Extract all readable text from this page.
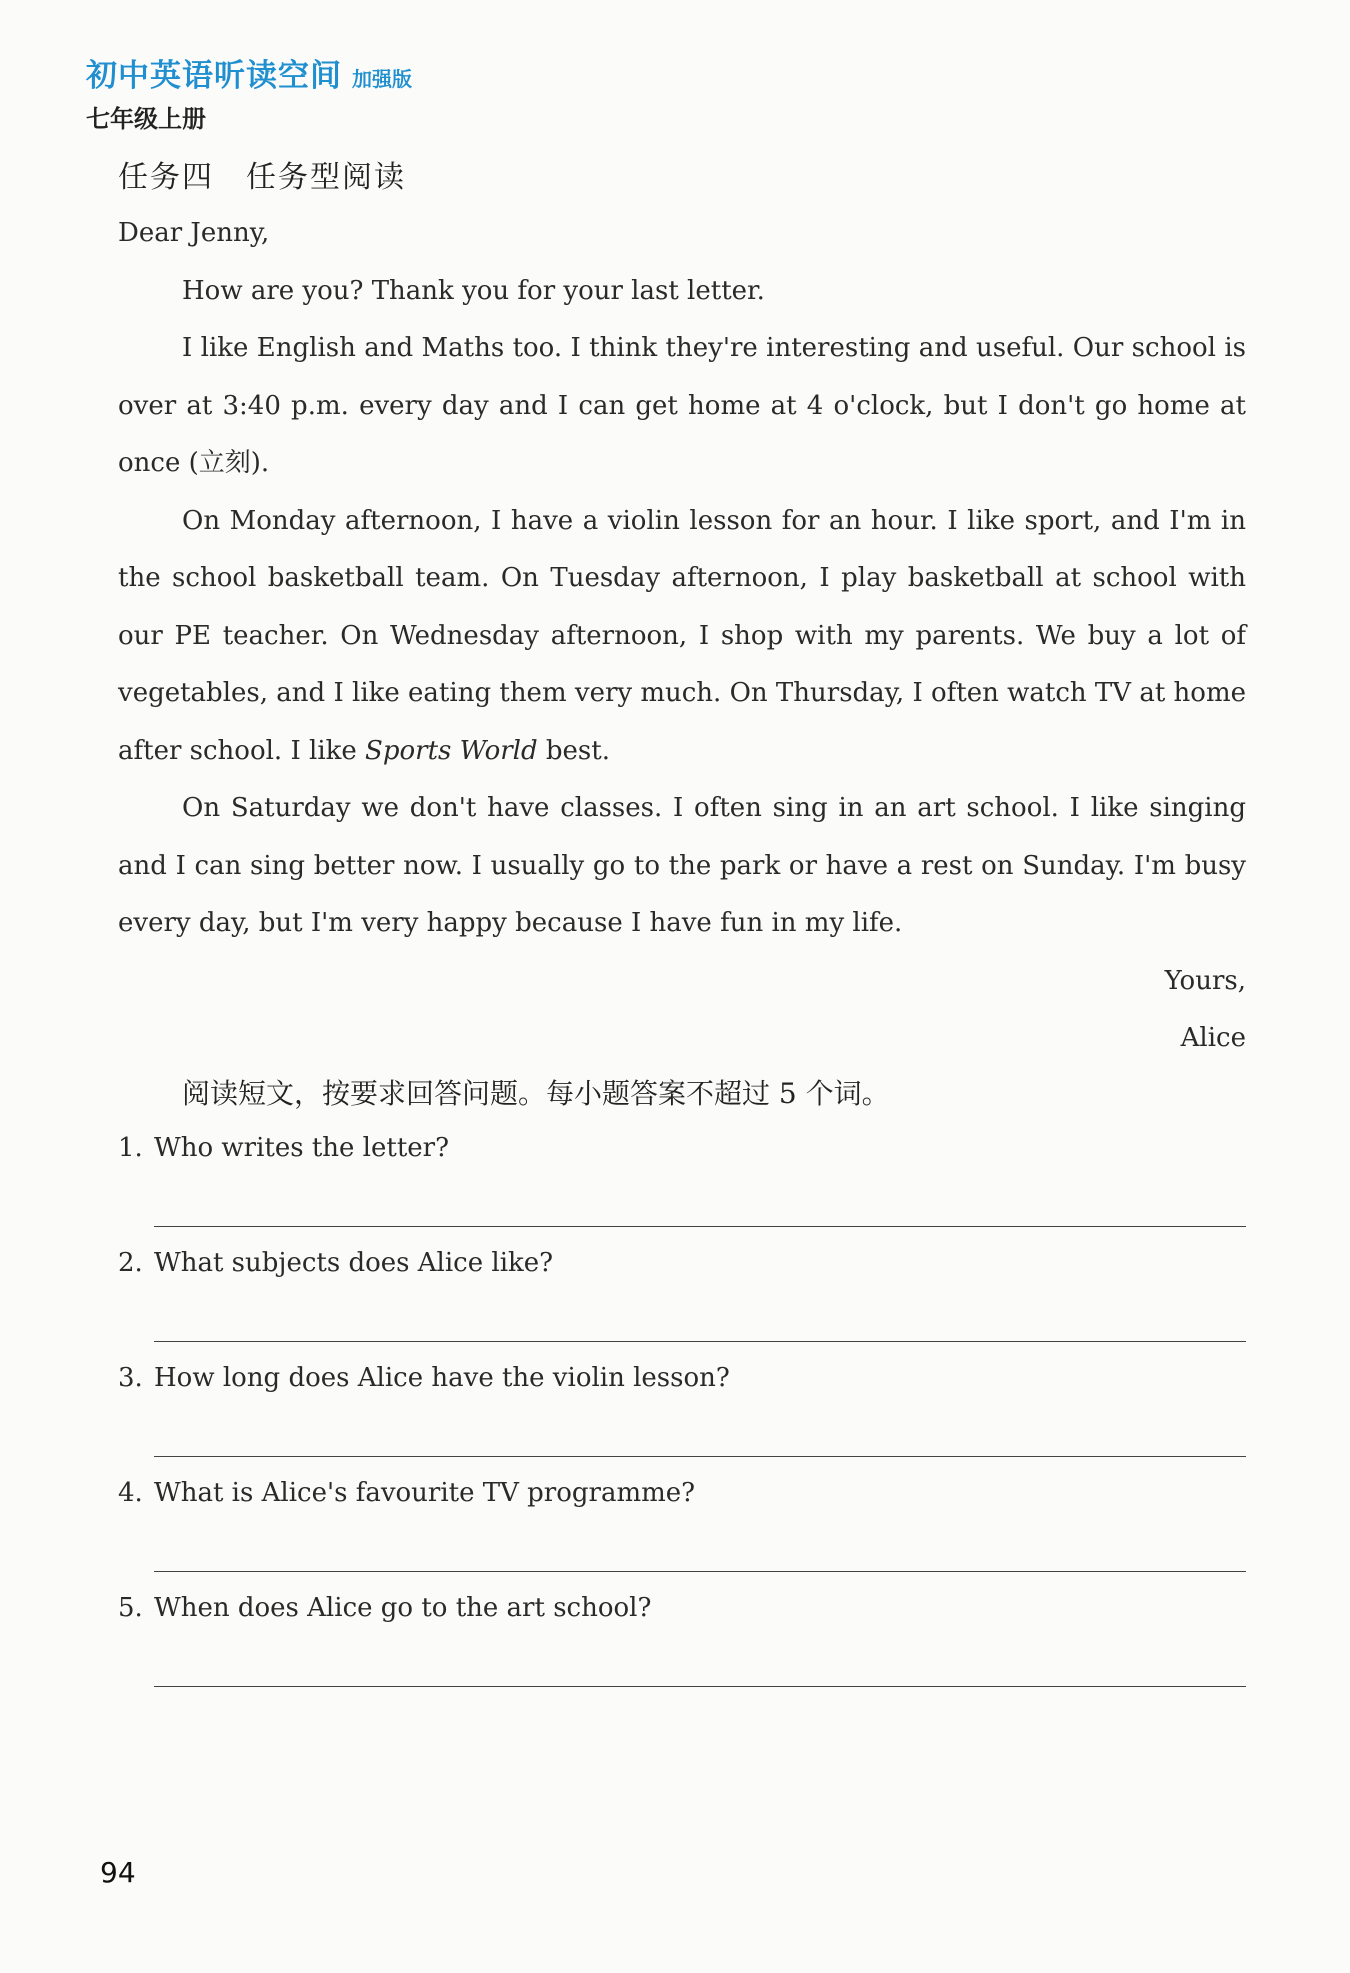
初中英语听读空间 加强版
七年级上册
任务四　任务型阅读

Dear Jenny,

How are you? Thank you for your last letter.

I like English and Maths too. I think they're interesting and useful. Our school is over at 3:40 p.m. every day and I can get home at 4 o'clock, but I don't go home at once (立刻).

On Monday afternoon, I have a violin lesson for an hour. I like sport, and I'm in the school basketball team. On Tuesday afternoon, I play basketball at school with our PE teacher. On Wednesday afternoon, I shop with my parents. We buy a lot of vegetables, and I like eating them very much. On Thursday, I often watch TV at home after school. I like Sports World best.

On Saturday we don't have classes. I often sing in an art school. I like singing and I can sing better now. I usually go to the park or have a rest on Sunday. I'm busy every day, but I'm very happy because I have fun in my life.

Yours,

Alice

阅读短文，按要求回答问题。每小题答案不超过 5 个词。
1. Who writes the letter?
2. What subjects does Alice like?
3. How long does Alice have the violin lesson?
4. What is Alice's favourite TV programme?
5. When does Alice go to the art school?
94
